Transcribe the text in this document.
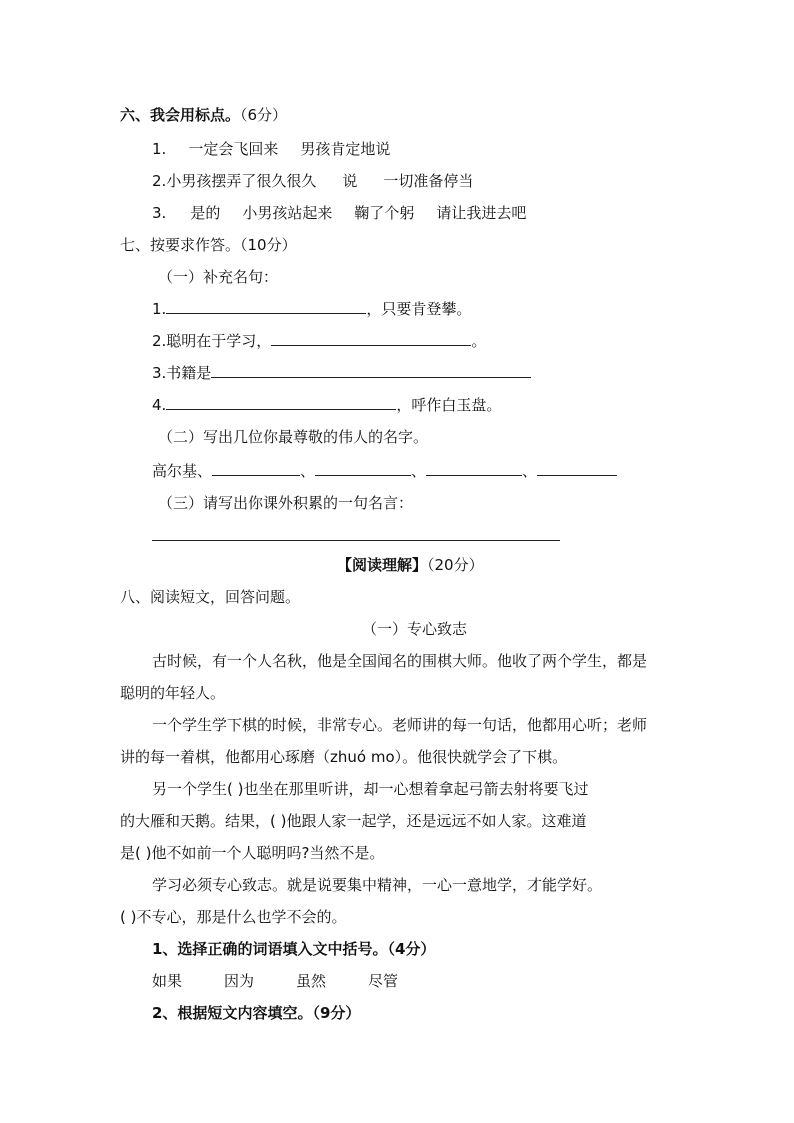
六、我会用标点。（6分）
1. 一定会飞回来 男孩肯定地说
2.小男孩摆弄了很久很久 说 一切准备停当
3. 是的 小男孩站起来 鞠了个躬 请让我进去吧
七、按要求作答。（10分）
（一）补充名句：
1.	，只要肯登攀。
2.聪明在于学习，	。
3.书籍是
4.	，呼作白玉盘。
（二）写出几位你最尊敬的伟人的名字。
高尔基、	、	、	、
（三）请写出你课外积累的一句名言：
【阅读理解】（20分）
八、阅读短文，回答问题。
（一）专心致志
古时候，有一个人名秋，他是全国闻名的围棋大师。他收了两个学生，都是
聪明的年轻人。
一个学生学下棋的时候，非常专心。老师讲的每一句话，他都用心听；老师
讲的每一着棋，他都用心琢磨（zhuó mo）。他很快就学会了下棋。
另一个学生( )也坐在那里听讲，却一心想着拿起弓箭去射将要飞过
的大雁和天鹅。结果，( )他跟人家一起学，还是远远不如人家。这难道
是( )他不如前一个人聪明吗?当然不是。
学习必须专心致志。就是说要集中精神，一心一意地学，才能学好。
( )不专心，那是什么也学不会的。
1、选择正确的词语填入文中括号。（4分）
如果	因为	虽然	尽管
2、根据短文内容填空。（9分）
